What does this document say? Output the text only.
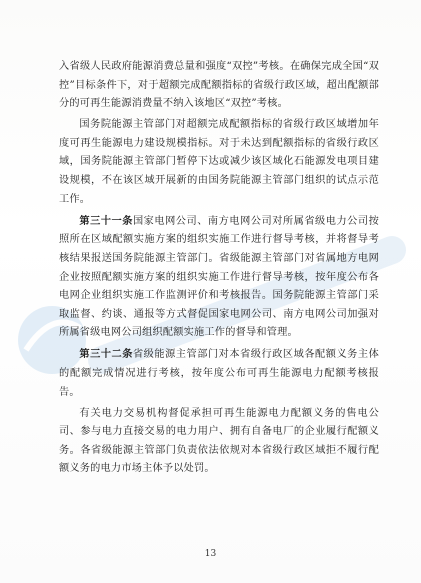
入省级人民政府能源消费总量和强度“双控”考核。在确保完成全国“双控”目标条件下，对于超额完成配额指标的省级行政区域，超出配额部分的可再生能源消费量不纳入该地区“双控”考核。

国务院能源主管部门对超额完成配额指标的省级行政区域增加年度可再生能源电力建设规模指标。对于未达到配额指标的省级行政区域，国务院能源主管部门暂停下达或减少该区域化石能源发电项目建设规模，不在该区域开展新的由国务院能源主管部门组织的试点示范工作。

第三十一条国家电网公司、南方电网公司对所属省级电力公司按照所在区域配额实施方案的组织实施工作进行督导考核，并将督导考核结果报送国务院能源主管部门。省级能源主管部门对省属地方电网企业按照配额实施方案的组织实施工作进行督导考核，按年度公布各电网企业组织实施工作监测评价和考核报告。国务院能源主管部门采取监督、约谈、通报等方式督促国家电网公司、南方电网公司加强对所属省级电网公司组织配额实施工作的督导和管理。

第三十二条省级能源主管部门对本省级行政区域各配额义务主体的配额完成情况进行考核，按年度公布可再生能源电力配额考核报告。

有关电力交易机构督促承担可再生能源电力配额义务的售电公司、参与电力直接交易的电力用户、拥有自备电厂的企业履行配额义务。各省级能源主管部门负责依法依规对本省级行政区域拒不履行配额义务的电力市场主体予以处罚。

13
